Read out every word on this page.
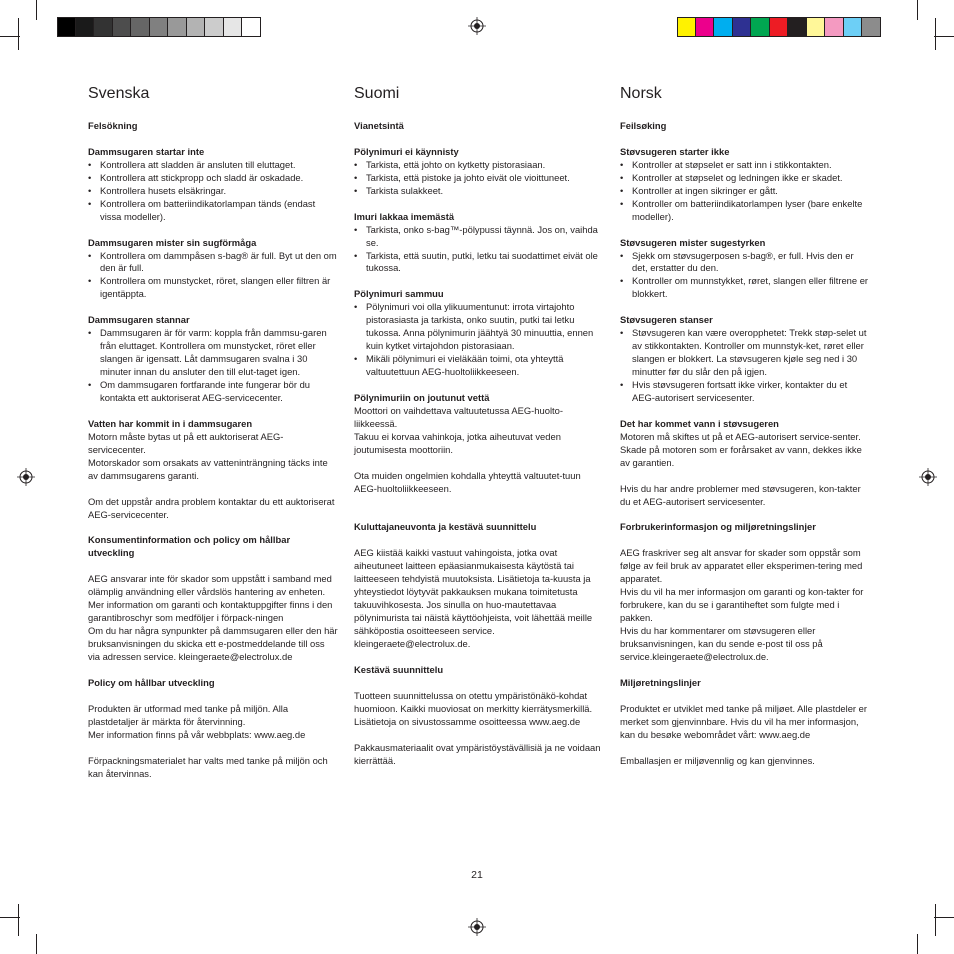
Svenska
Felsökning
Dammsugaren startar inte
• Kontrollera att sladden är ansluten till eluttaget.
• Kontrollera att stickpropp och sladd är oskadade.
• Kontrollera husets elsäkringar.
• Kontrollera om batteriindikatorlampan tänds (endast vissa modeller).
Dammsugaren mister sin sugförmåga
• Kontrollera om dammpåsen s-bag® är full. Byt ut den om den är full.
• Kontrollera om munstycket, röret, slangen eller filtren är igentäppta.
Dammsugaren stannar
• Dammsugaren är för varm: koppla från dammsu-garen från eluttaget. Kontrollera om munstycket, röret eller slangen är igensatt. Låt dammsugaren svalna i 30 minuter innan du ansluter den till elut-taget igen.
• Om dammsugaren fortfarande inte fungerar bör du kontakta ett auktoriserat AEG-servicecenter.
Vatten har kommit in i dammsugaren
Motorn måste bytas ut på ett auktoriserat AEG-servicecenter.
Motorskador som orsakats av vatteninträngning täcks inte av dammsugarens garanti.
Om det uppstår andra problem kontaktar du ett auktoriserat AEG-servicecenter.
Konsumentinformation och policy om hållbar utveckling
AEG ansvarar inte för skador som uppstått i samband med olämplig användning eller vårdslös hantering av enheten.
Mer information om garanti och kontaktuppgifter finns i den garantibroschyr som medföljer i förpack-ningen
Om du har några synpunkter på dammsugaren eller den här bruksanvisningen du skicka ett e-postmeddelande till oss via adressen service. kleingeraete@electrolux.de
Policy om hållbar utveckling
Produkten är utformad med tanke på miljön. Alla plastdetaljer är märkta för återvinning.
Mer information finns på vår webbplats: www.aeg.de
Förpackningsmaterialet har valts med tanke på miljön och kan återvinnas.
Suomi
Vianetsintä
Pölynimuri ei käynnisty
• Tarkista, että johto on kytketty pistorasiaan.
• Tarkista, että pistoke ja johto eivät ole vioittuneet.
• Tarkista sulakkeet.
Imuri lakkaa imemästä
• Tarkista, onko s-bag™-pölypussi täynnä. Jos on, vaihda se.
• Tarkista, että suutin, putki, letku tai suodattimet eivät ole tukossa.
Pölynimuri sammuu
• Pölynimuri voi olla ylikuumentunut: irrota virtajohto pistorasiasta ja tarkista, onko suutin, putki tai letku tukossa. Anna pölynimurin jäähtyä 30 minuuttia, ennen kuin kytket virtajohdon pistorasiaan.
• Mikäli pölynimuri ei vieläkään toimi, ota yhteyttä valtuutettuun AEG-huoltoliikkeeseen.
Pölynimuriin on joutunut vettä
Moottori on vaihdettava valtuutetussa AEG-huolto-liikkeessä.
Takuu ei korvaa vahinkoja, jotka aiheutuvat veden joutumisesta moottoriin.
Ota muiden ongelmien kohdalla yhteyttä valtuutet-tuun AEG-huoltoliikkeeseen.
Kuluttajaneuvonta ja kestävä suunnittelu
AEG kiistää kaikki vastuut vahingoista, jotka ovat aiheutuneet laitteen epäasianmukaisesta käytöstä tai laitteeseen tehdyistä muutoksista. Lisätietoja ta-kuusta ja yhteystiedot löytyvät pakkauksen mukana toimitetusta takuuvihkosesta. Jos sinulla on huo-mautettavaa pölynimurista tai näistä käyttöohjeista, voit lähettää meille sähköpostia osoitteeseen service. kleingeraete@electrolux.de.
Kestävä suunnittelu
Tuotteen suunnittelussa on otettu ympäristönäkö-kohdat huomioon. Kaikki muoviosat on merkitty kierrätysmerkillä. Lisätietoja on sivustossamme osoitteessa www.aeg.de
Pakkausmateriaalit ovat ympäristöystävällisiä ja ne voidaan kierrättää.
Norsk
Feilsøking
Støvsugeren starter ikke
• Kontroller at støpselet er satt inn i stikkontakten.
• Kontroller at støpselet og ledningen ikke er skadet.
• Kontroller at ingen sikringer er gått.
• Kontroller om batteriindikatorlampen lyser (bare enkelte modeller).
Støvsugeren mister sugestyrken
• Sjekk om støvsugerposen s-bag®, er full. Hvis den er det, erstatter du den.
• Kontroller om munnstykket, røret, slangen eller filtrene er blokkert.
Støvsugeren stanser
• Støvsugeren kan være overopphetet: Trekk støp-selet ut av stikkontakten. Kontroller om munnstyk-ket, røret eller slangen er blokkert. La støvsugeren kjøle seg ned i 30 minutter før du slår den på igjen.
• Hvis støvsugeren fortsatt ikke virker, kontakter du et AEG-autorisert servicesenter.
Det har kommet vann i støvsugeren
Motoren må skiftes ut på et AEG-autorisert service-senter.
Skade på motoren som er forårsaket av vann, dekkes ikke av garantien.
Hvis du har andre problemer med støvsugeren, kon-takter du et AEG-autorisert servicesenter.
Forbrukerinformasjon og miljøretningslinjer
AEG fraskriver seg alt ansvar for skader som oppstår som følge av feil bruk av apparatet eller eksperimen-tering med apparatet.
Hvis du vil ha mer informasjon om garanti og kon-takter for forbrukere, kan du se i garantiheftet som fulgte med i pakken.
Hvis du har kommentarer om støvsugeren eller bruksanvisningen, kan du sende e-post til oss på service.kleingeraete@electrolux.de.
Miljøretningslinjer
Produktet er utviklet med tanke på miljøet. Alle plastdeler er merket som gjenvinnbare. Hvis du vil ha mer informasjon, kan du besøke webområdet vårt: www.aeg.de
Emballasjen er miljøvennlig og kan gjenvinnes.
21
